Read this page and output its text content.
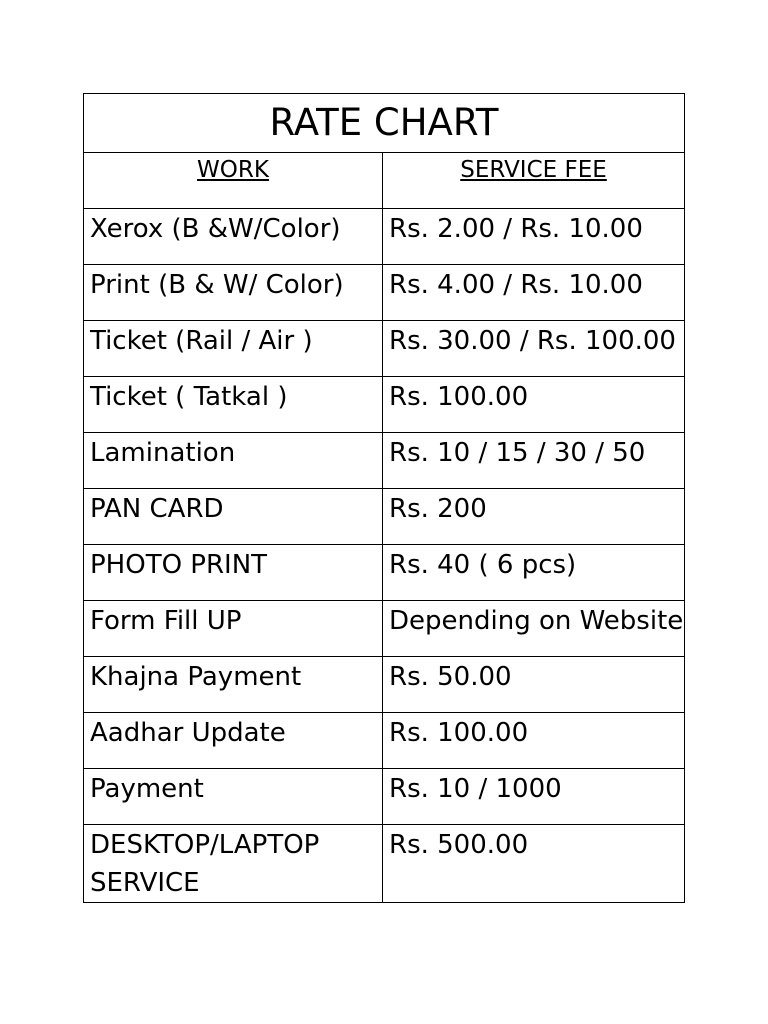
RATE CHART	
WORK	SERVICE FEE
Xerox (B &W/Color)	Rs. 2.00 / Rs. 10.00
Print (B & W/ Color)	Rs. 4.00 / Rs. 10.00
Ticket (Rail / Air )	Rs. 30.00 / Rs. 100.00
Ticket ( Tatkal )	Rs. 100.00
Lamination	Rs. 10 / 15 / 30 / 50
PAN CARD	Rs. 200
PHOTO PRINT	Rs. 40 ( 6 pcs)
Form Fill UP	Depending on Website
Khajna Payment	Rs. 50.00
Aadhar Update	Rs. 100.00
Payment	Rs. 10 / 1000
DESKTOP/LAPTOP SERVICE	Rs. 500.00
